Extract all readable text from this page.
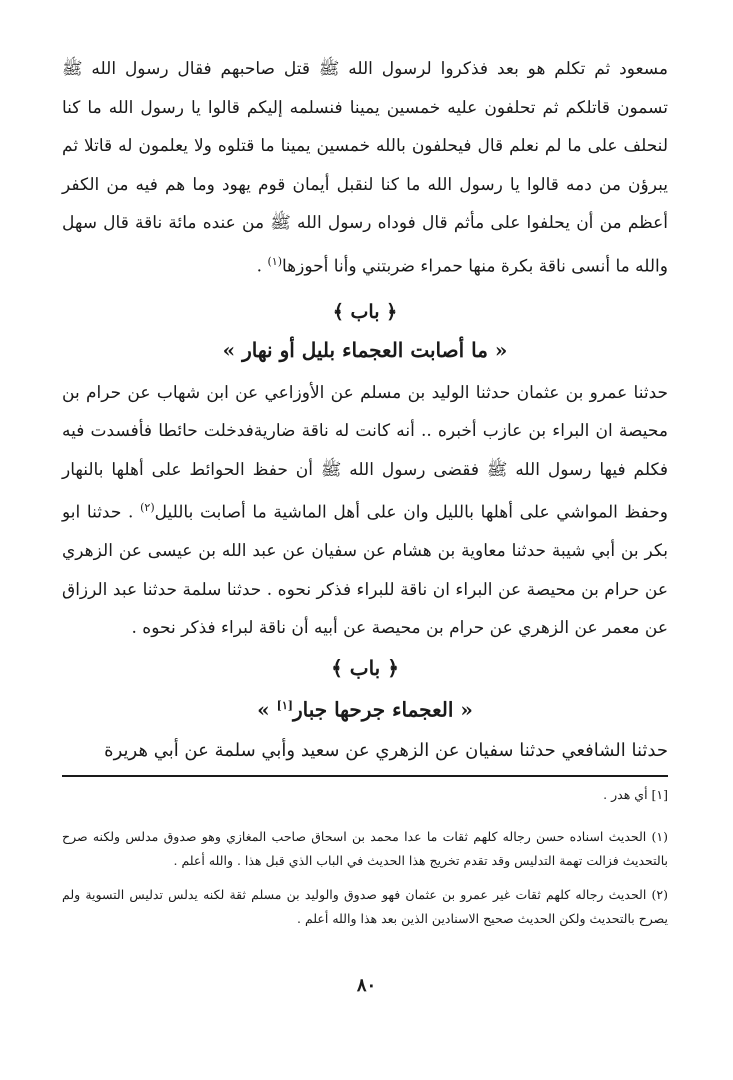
مسعود ثم تكلم هو بعد فذكروا لرسول الله ﷺ قتل صاحبهم فقال رسول الله ﷺ تسمون قاتلكم ثم تحلفون عليه خمسين يمينا فنسلمه إليكم قالوا يا رسول الله ما كنا لنحلف على ما لم نعلم قال فيحلفون بالله خمسين يمينا ما قتلوه ولا يعلمون له قاتلا ثم يبرؤن من دمه قالوا يا رسول الله ما كنا لنقبل أيمان قوم يهود وما هم فيه من الكفر أعظم من أن يحلفوا على مأثم قال فوداه رسول الله ﷺ من عنده مائة ناقة قال سهل والله ما أنسى ناقة بكرة منها حمراء ضربتني وأنا أحوزها$^{(١)}$ .

﴿ باب ﴾
« ما أصابت العجماء بليل أو نهار »

حدثنا عمرو بن عثمان حدثنا الوليد بن مسلم عن الأوزاعي عن ابن شهاب عن حرام بن محيصة ان البراء بن عازب أخبره .. أنه كانت له ناقة ضاريةفدخلت حائطا فأفسدت فيه فكلم فيها رسول الله ﷺ فقضى رسول الله ﷺ أن حفظ الحوائط على أهلها بالنهار وحفظ المواشي على أهلها بالليل وان على أهل الماشية ما أصابت بالليل$^{(٢)}$ . حدثنا ابو بكر بن أبي شيبة حدثنا معاوية بن هشام عن سفيان عن عبد الله بن عيسى عن الزهري عن حرام بن محيصة عن البراء ان ناقة للبراء فذكر نحوه . حدثنا سلمة حدثنا عبد الرزاق عن معمر عن الزهري عن حرام بن محيصة عن أبيه أن ناقة لبراء فذكر نحوه .

﴿ باب ﴾
« العجماء جرحها جبار[١] »

حدثنا الشافعي حدثنا سفيان عن الزهري عن سعيد وأبي سلمة عن أبي هريرة

[١] أي هدر .

(١) الحديث اسناده حسن رجاله كلهم ثقات ما عدا محمد بن اسحاق صاحب المغازي وهو صدوق مدلس ولكنه صرح بالتحديث فزالت تهمة التدليس وقد تقدم تخريج هذا الحديث في الباب الذي قبل هذا . والله أعلم .

(٢) الحديث رجاله كلهم ثقات غير عمرو بن عثمان فهو صدوق والوليد بن مسلم ثقة لكنه يدلس تدليس التسوية ولم يصرح بالتحديث ولكن الحديث صحيح الاسنادين الذين بعد هذا والله أعلم .

٨٠
